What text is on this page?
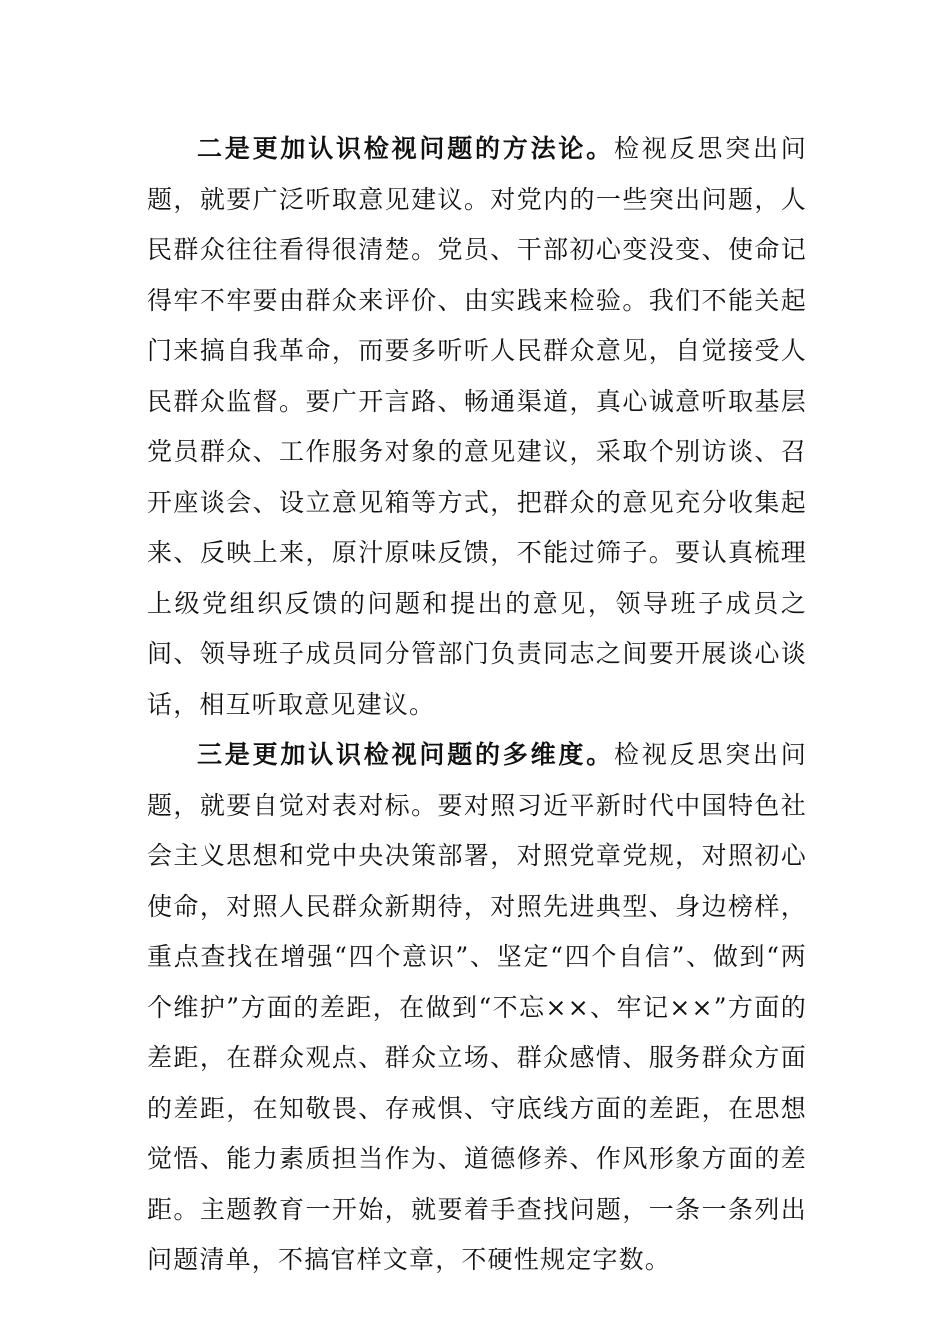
二是更加认识检视问题的方法论。检视反思突出问题，就要广泛听取意见建议。对党内的一些突出问题，人民群众往往看得很清楚。党员、干部初心变没变、使命记得牢不牢要由群众来评价、由实践来检验。我们不能关起门来搞自我革命，而要多听听人民群众意见，自觉接受人民群众监督。要广开言路、畅通渠道，真心诚意听取基层党员群众、工作服务对象的意见建议，采取个别访谈、召开座谈会、设立意见箱等方式，把群众的意见充分收集起来、反映上来，原汁原味反馈，不能过筛子。要认真梳理上级党组织反馈的问题和提出的意见，领导班子成员之间、领导班子成员同分管部门负责同志之间要开展谈心谈话，相互听取意见建议。

三是更加认识检视问题的多维度。检视反思突出问题，就要自觉对表对标。要对照习近平新时代中国特色社会主义思想和党中央决策部署，对照党章党规，对照初心使命，对照人民群众新期待，对照先进典型、身边榜样，重点查找在增强“四个意识”、坚定“四个自信”、做到“两个维护”方面的差距，在做到“不忘××、牢记××”方面的差距，在群众观点、群众立场、群众感情、服务群众方面的差距，在知敬畏、存戒惧、守底线方面的差距，在思想觉悟、能力素质担当作为、道德修养、作风形象方面的差距。主题教育一开始，就要着手查找问题，一条一条列出问题清单，不搞官样文章，不硬性规定字数。
